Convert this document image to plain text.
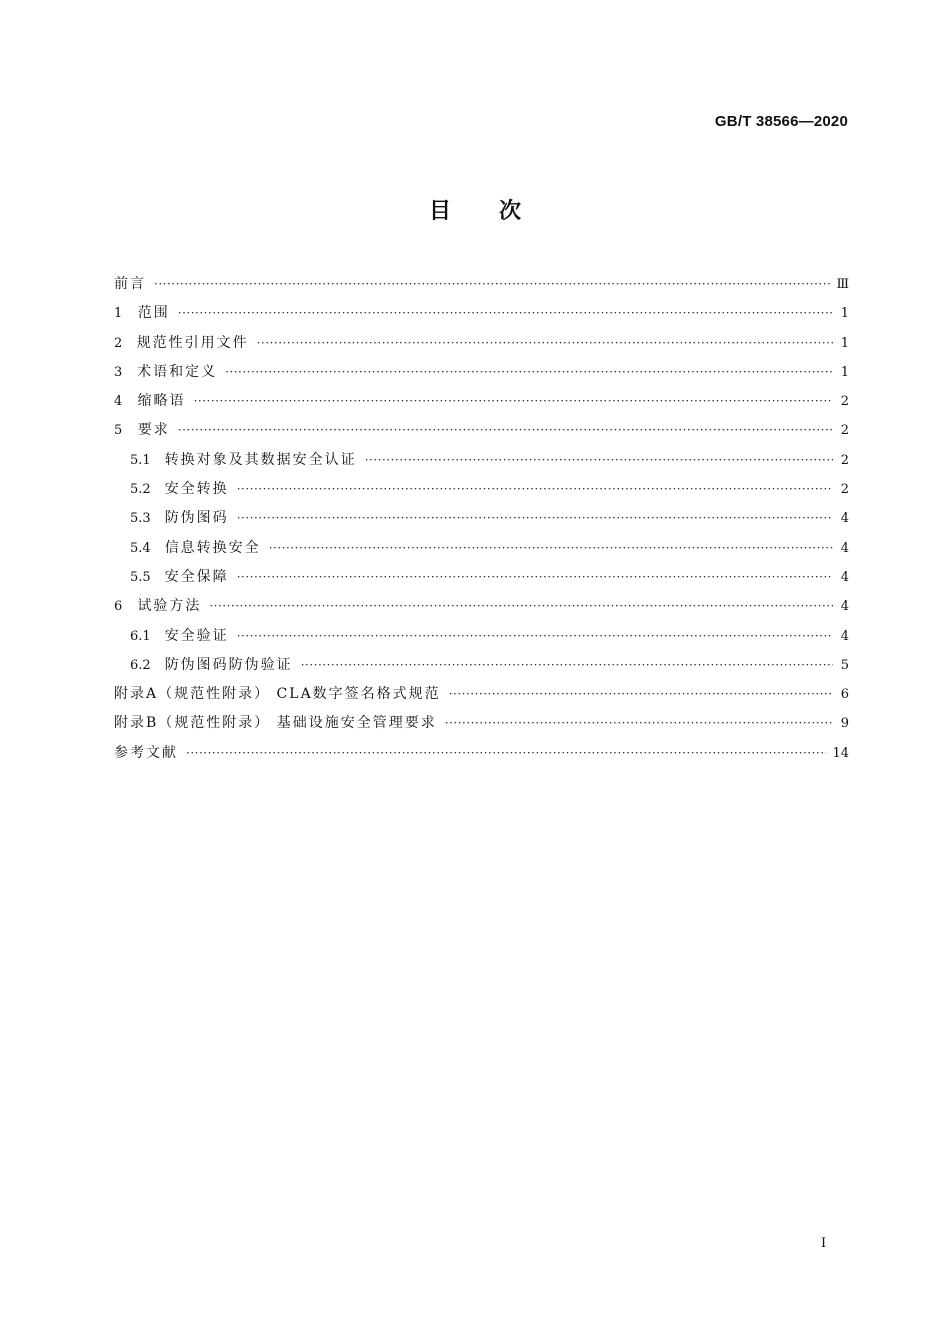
GB/T 38566—2020
目次
前言 ·····	Ⅲ
1 范围 ·····	1
2 规范性引用文件 ·····	1
3 术语和定义 ·····	1
4 缩略语 ·····	2
5 要求 ·····	2
5.1 转换对象及其数据安全认证 ·····	2
5.2 安全转换 ·····	2
5.3 防伪图码 ·····	4
5.4 信息转换安全 ·····	4
5.5 安全保障 ·····	4
6 试验方法 ·····	4
6.1 安全验证 ·····	4
6.2 防伪图码防伪验证 ·····	5
附录A（规范性附录） CLA数字签名格式规范 ·····	6
附录B（规范性附录） 基础设施安全管理要求 ·····	9
参考文献 ·····	14
I
